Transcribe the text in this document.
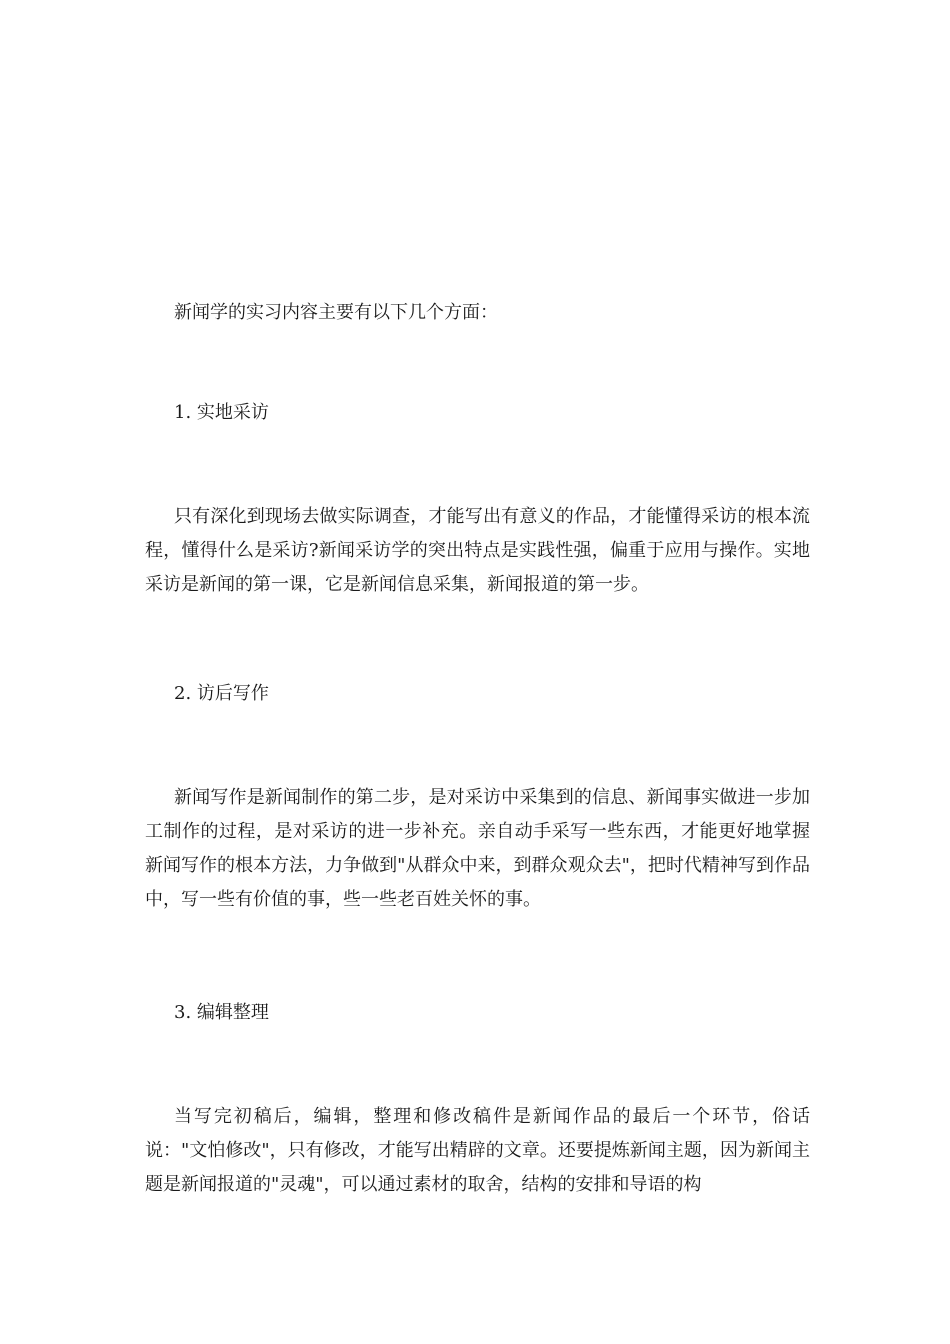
新闻学的实习内容主要有以下几个方面：

1. 实地采访

只有深化到现场去做实际调查，才能写出有意义的作品，才能懂得采访的根本流程，懂得什么是采访?新闻采访学的突出特点是实践性强，偏重于应用与操作。实地采访是新闻的第一课，它是新闻信息采集，新闻报道的第一步。

2. 访后写作

新闻写作是新闻制作的第二步，是对采访中采集到的信息、新闻事实做进一步加工制作的过程，是对采访的进一步补充。亲自动手采写一些东西，才能更好地掌握新闻写作的根本方法，力争做到"从群众中来，到群众观众去"，把时代精神写到作品中，写一些有价值的事，些一些老百姓关怀的事。

3. 编辑整理

当写完初稿后，编辑，整理和修改稿件是新闻作品的最后一个环节，俗话说："文怕修改"，只有修改，才能写出精辟的文章。还要提炼新闻主题，因为新闻主题是新闻报道的"灵魂"，可以通过素材的取舍，结构的安排和导语的构
